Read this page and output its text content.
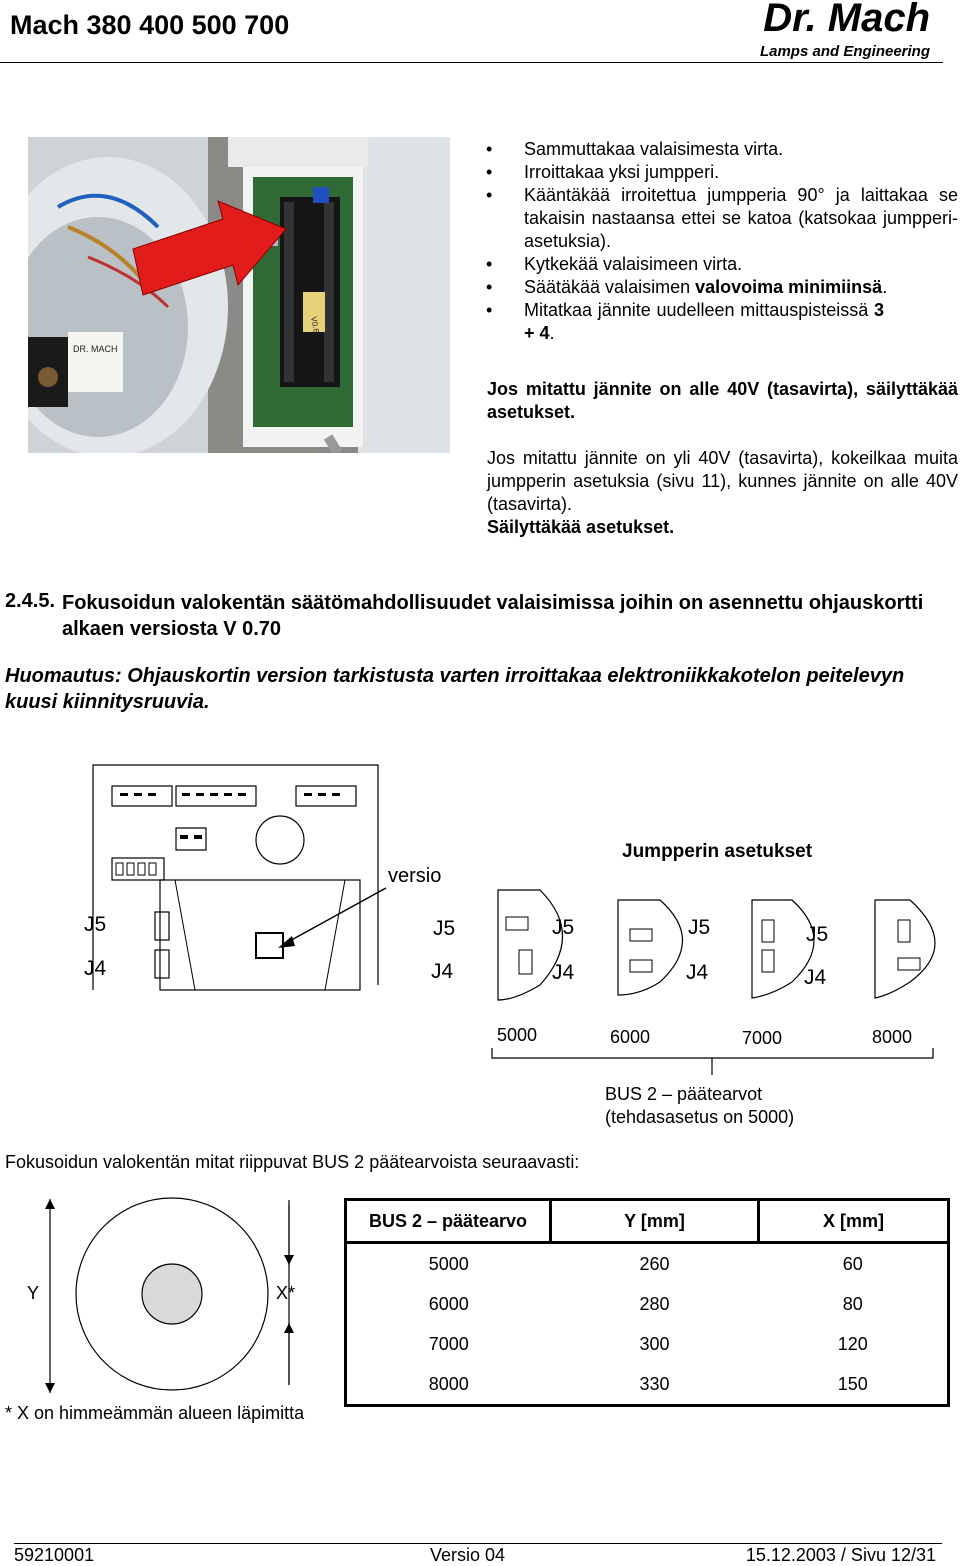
Mach 380 400 500 700	Dr. Mach
Lamps and Engineering
DR. MACH
V0.6
• Sammuttakaa valaisimesta virta.
• Irroittakaa yksi jumpperi.
• Kääntäkää irroitettua jumpperia 90° ja laittakaa se takaisin nastaansa ettei se katoa (katsokaa jumpperi-asetuksia).
• Kytkekää valaisimeen virta.
• Säätäkää valaisimen valovoima minimiinsä.
• Mitatkaa jännite uudelleen mittauspisteissä 3 + 4.
Jos mitattu jännite on alle 40V (tasavirta), säilyttäkää asetukset.
Jos mitattu jännite on yli 40V (tasavirta), kokeilkaa muita jumpperin asetuksia (sivu 11), kunnes jännite on alle 40V (tasavirta).
Säilyttäkää asetukset.
2.4.5. Fokusoidun valokentän säätömahdollisuudet valaisimissa joihin on asennettu ohjauskortti alkaen versiosta V 0.70
Huomautus: Ohjauskortin version tarkistusta varten irroittakaa elektroniikkakotelon peitelevyn kuusi kiinnitysruuvia.
versio
Jumpperin asetukset
J5
J4
J5
J4
J5
J4
J5
J4
J5
J4
5000	6000	7000	8000
BUS 2 – päätearvot
(tehdasasetus on 5000)
Fokusoidun valokentän mitat riippuvat BUS 2 päätearvoista seuraavasti:
Y	X*
* X on himmeämmän alueen läpimitta
BUS 2 – päätearvo	Y [mm]	X [mm]
5000	260	60
6000	280	80
7000	300	120
8000	330	150
59210001	Versio 04	15.12.2003 / Sivu 12/31
